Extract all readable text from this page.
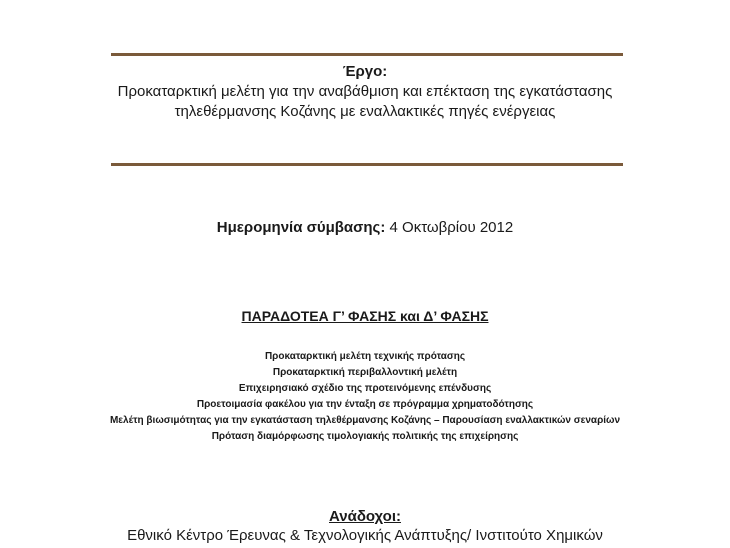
Έργο:
Προκαταρκτική μελέτη για την αναβάθμιση και επέκταση της εγκατάστασης τηλεθέρμανσης Κοζάνης με εναλλακτικές πηγές ενέργειας
Ημερομηνία σύμβασης: 4 Οκτωβρίου 2012
ΠΑΡΑΔΟΤΕΑ Γ’ ΦΑΣΗΣ και Δ’ ΦΑΣΗΣ
Προκαταρκτική μελέτη τεχνικής πρότασης
Προκαταρκτική περιβαλλοντική μελέτη
Επιχειρησιακό σχέδιο της προτεινόμενης επένδυσης
Προετοιμασία φακέλου για την ένταξη σε πρόγραμμα χρηματοδότησης
Μελέτη βιωσιμότητας για την εγκατάσταση τηλεθέρμανσης Κοζάνης – Παρουσίαση εναλλακτικών σεναρίων
Πρόταση διαμόρφωσης τιμολογιακής πολιτικής της επιχείρησης
Ανάδοχοι:
Εθνικό Κέντρο Έρευνας & Τεχνολογικής Ανάπτυξης/ Ινστιτούτο Χημικών
